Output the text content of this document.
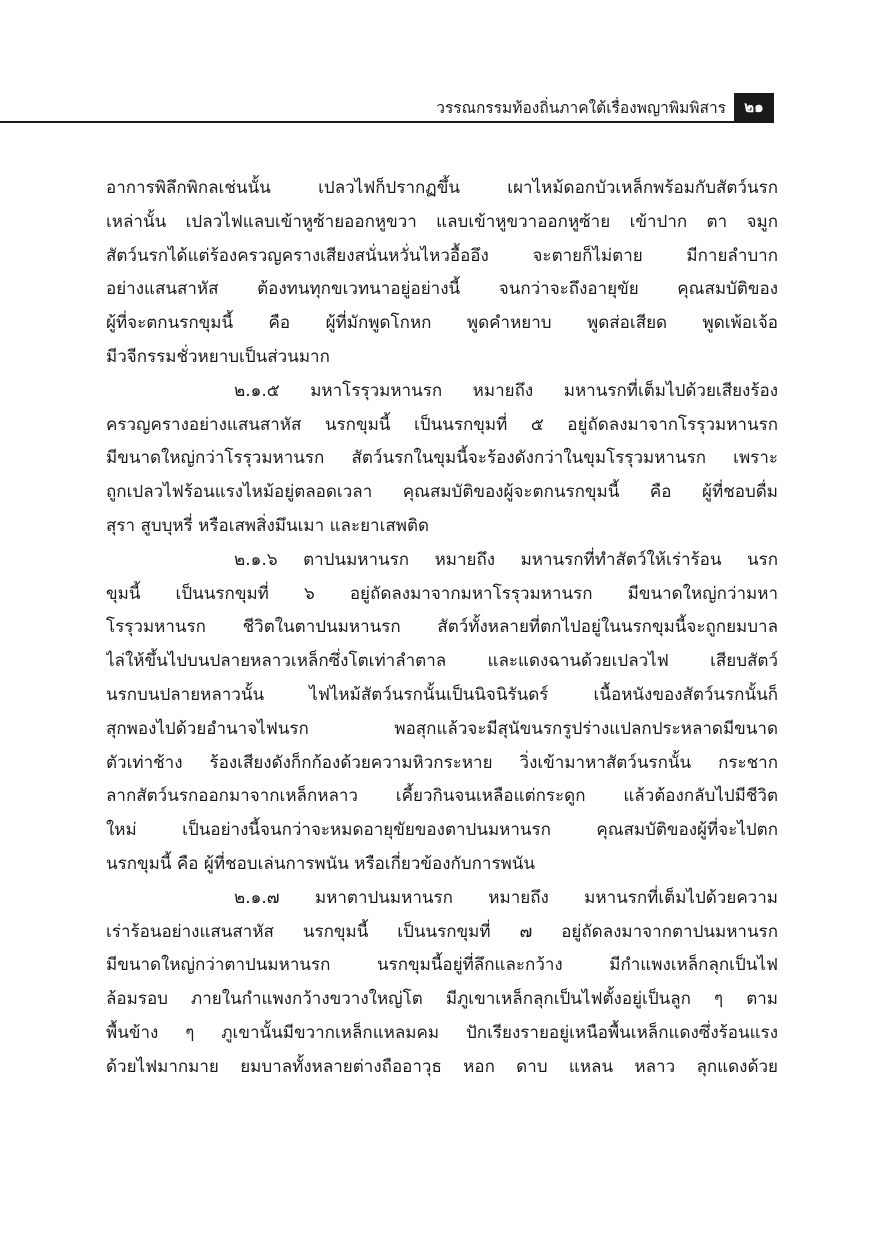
วรรณกรรมท้องถิ่นภาคใต้เรื่องพญาพิมพิสาร	๒๑
อาการพิลึกพิกลเช่นนั้น เปลวไฟก็ปรากฏขึ้น เผาไหม้ดอกบัวเหล็กพร้อมกับสัตว์นรก
เหล่านั้น เปลวไฟแลบเข้าหูซ้ายออกหูขวา แลบเข้าหูขวาออกหูซ้าย เข้าปาก ตา จมูก
สัตว์นรกได้แต่ร้องครวญครางเสียงสนั่นหวั่นไหวอื้ออึง จะตายก็ไม่ตาย มีกายลำบาก
อย่างแสนสาหัส ต้องทนทุกขเวทนาอยู่อย่างนี้ จนกว่าจะถึงอายุขัย คุณสมบัติของ
ผู้ที่จะตกนรกขุมนี้ คือ ผู้ที่มักพูดโกหก พูดคำหยาบ พูดส่อเสียด พูดเพ้อเจ้อ
มีวจีกรรมชั่วหยาบเป็นส่วนมาก
๒.๑.๕ มหาโรรุวมหานรก หมายถึง มหานรกที่เต็มไปด้วยเสียงร้อง
ครวญครางอย่างแสนสาหัส นรกขุมนี้ เป็นนรกขุมที่ ๕ อยู่ถัดลงมาจากโรรุวมหานรก
มีขนาดใหญ่กว่าโรรุวมหานรก สัตว์นรกในขุมนี้จะร้องดังกว่าในขุมโรรุวมหานรก เพราะ
ถูกเปลวไฟร้อนแรงไหม้อยู่ตลอดเวลา คุณสมบัติของผู้จะตกนรกขุมนี้ คือ ผู้ที่ชอบดื่ม
สุรา สูบบุหรี่ หรือเสพสิ่งมึนเมา และยาเสพติด
๒.๑.๖ ตาปนมหานรก หมายถึง มหานรกที่ทำสัตว์ให้เร่าร้อน นรก
ขุมนี้ เป็นนรกขุมที่ ๖ อยู่ถัดลงมาจากมหาโรรุวมหานรก มีขนาดใหญ่กว่ามหา
โรรุวมหานรก ชีวิตในตาปนมหานรก สัตว์ทั้งหลายที่ตกไปอยู่ในนรกขุมนี้จะถูกยมบาล
ไล่ให้ขึ้นไปบนปลายหลาวเหล็กซึ่งโตเท่าลำตาล และแดงฉานด้วยเปลวไฟ เสียบสัตว์
นรกบนปลายหลาวนั้น ไฟไหม้สัตว์นรกนั้นเป็นนิจนิรันดร์ เนื้อหนังของสัตว์นรกนั้นก็
สุกพองไปด้วยอำนาจไฟนรก พอสุกแล้วจะมีสุนัขนรกรูปร่างแปลกประหลาดมีขนาด
ตัวเท่าช้าง ร้องเสียงดังก็กก้องด้วยความหิวกระหาย วิ่งเข้ามาหาสัตว์นรกนั้น กระชาก
ลากสัตว์นรกออกมาจากเหล็กหลาว เคี้ยวกินจนเหลือแต่กระดูก แล้วต้องกลับไปมีชีวิต
ใหม่ เป็นอย่างนี้จนกว่าจะหมดอายุขัยของตาปนมหานรก คุณสมบัติของผู้ที่จะไปตก
นรกขุมนี้ คือ ผู้ที่ชอบเล่นการพนัน หรือเกี่ยวข้องกับการพนัน
๒.๑.๗ มหาตาปนมหานรก หมายถึง มหานรกที่เต็มไปด้วยความ
เร่าร้อนอย่างแสนสาหัส นรกขุมนี้ เป็นนรกขุมที่ ๗ อยู่ถัดลงมาจากตาปนมหานรก
มีขนาดใหญ่กว่าตาปนมหานรก นรกขุมนี้อยู่ที่ลึกและกว้าง มีกำแพงเหล็กลุกเป็นไฟ
ล้อมรอบ ภายในกำแพงกว้างขวางใหญ่โต มีภูเขาเหล็กลุกเป็นไฟตั้งอยู่เป็นลูก ๆ ตาม
พื้นข้าง ๆ ภูเขานั้นมีขวากเหล็กแหลมคม ปักเรียงรายอยู่เหนือพื้นเหล็กแดงซึ่งร้อนแรง
ด้วยไฟมากมาย ยมบาลทั้งหลายต่างถืออาวุธ หอก ดาบ แหลน หลาว ลุกแดงด้วย
